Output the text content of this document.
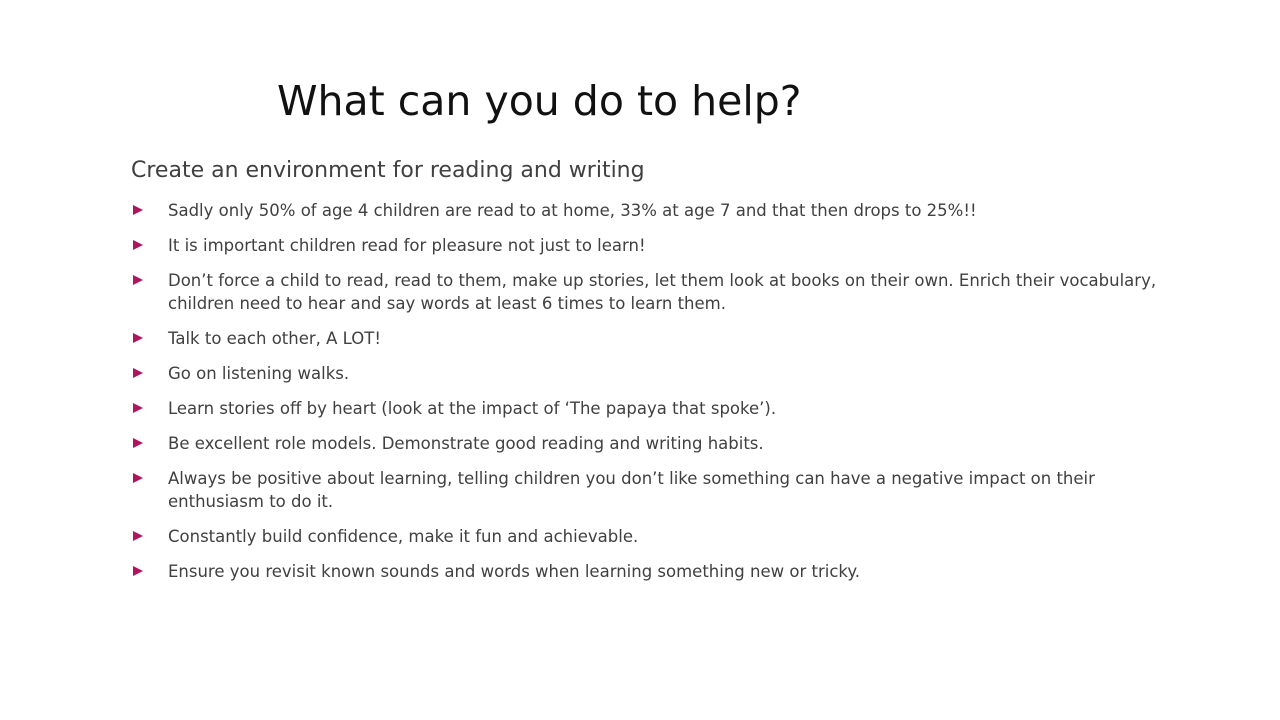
What can you do to help?
Create an environment for reading and writing
Sadly only 50% of age 4 children are read to at home, 33% at age 7 and that then drops to 25%!!
It is important children read for pleasure not just to learn!
Don’t force a child to read, read to them, make up stories, let them look at books on their own. Enrich their vocabulary, children need to hear and say words at least 6 times to learn them.
Talk to each other, A LOT!
Go on listening walks.
Learn stories off by heart (look at the impact of ‘The papaya that spoke’).
Be excellent role models. Demonstrate good reading and writing habits.
Always be positive about learning, telling children you don’t like something can have a negative impact on their enthusiasm to do it.
Constantly build confidence, make it fun and achievable.
Ensure you revisit known sounds and words when learning something new or tricky.
